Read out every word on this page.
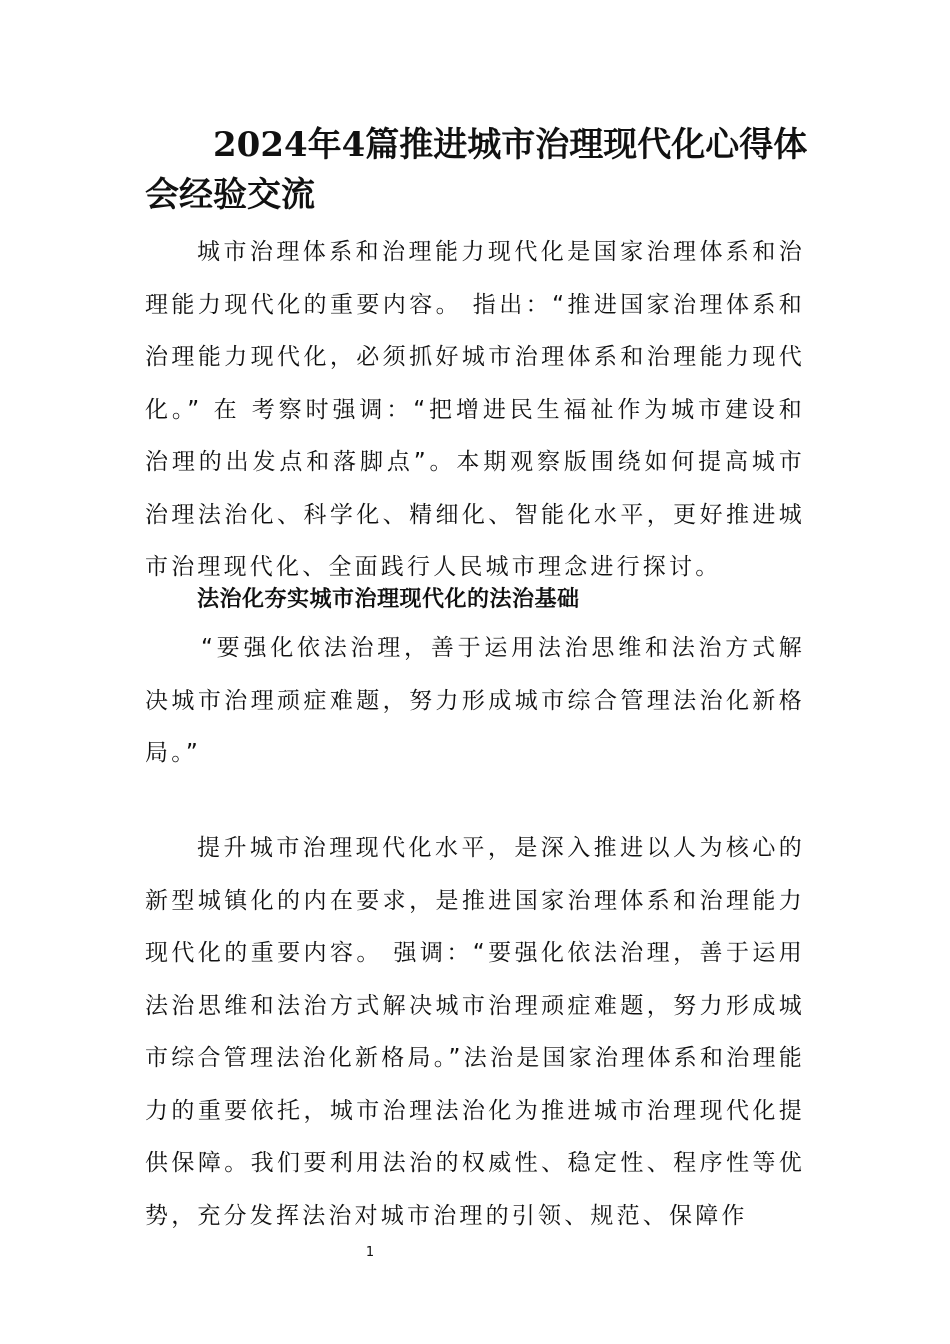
2024年4篇推进城市治理现代化心得体会经验交流

城市治理体系和治理能力现代化是国家治理体系和治理能力现代化的重要内容。 指出：“推进国家治理体系和治理能力现代化，必须抓好城市治理体系和治理能力现代化。” 在 考察时强调：“把增进民生福祉作为城市建设和治理的出发点和落脚点”。本期观察版围绕如何提高城市治理法治化、科学化、精细化、智能化水平，更好推进城市治理现代化、全面践行人民城市理念进行探讨。

法治化夯实城市治理现代化的法治基础

“要强化依法治理，善于运用法治思维和法治方式解决城市治理顽症难题，努力形成城市综合管理法治化新格局。”

提升城市治理现代化水平，是深入推进以人为核心的新型城镇化的内在要求，是推进国家治理体系和治理能力现代化的重要内容。 强调：“要强化依法治理，善于运用法治思维和法治方式解决城市治理顽症难题，努力形成城市综合管理法治化新格局。”法治是国家治理体系和治理能力的重要依托，城市治理法治化为推进城市治理现代化提供保障。我们要利用法治的权威性、稳定性、程序性等优势，充分发挥法治对城市治理的引领、规范、保障作

1
